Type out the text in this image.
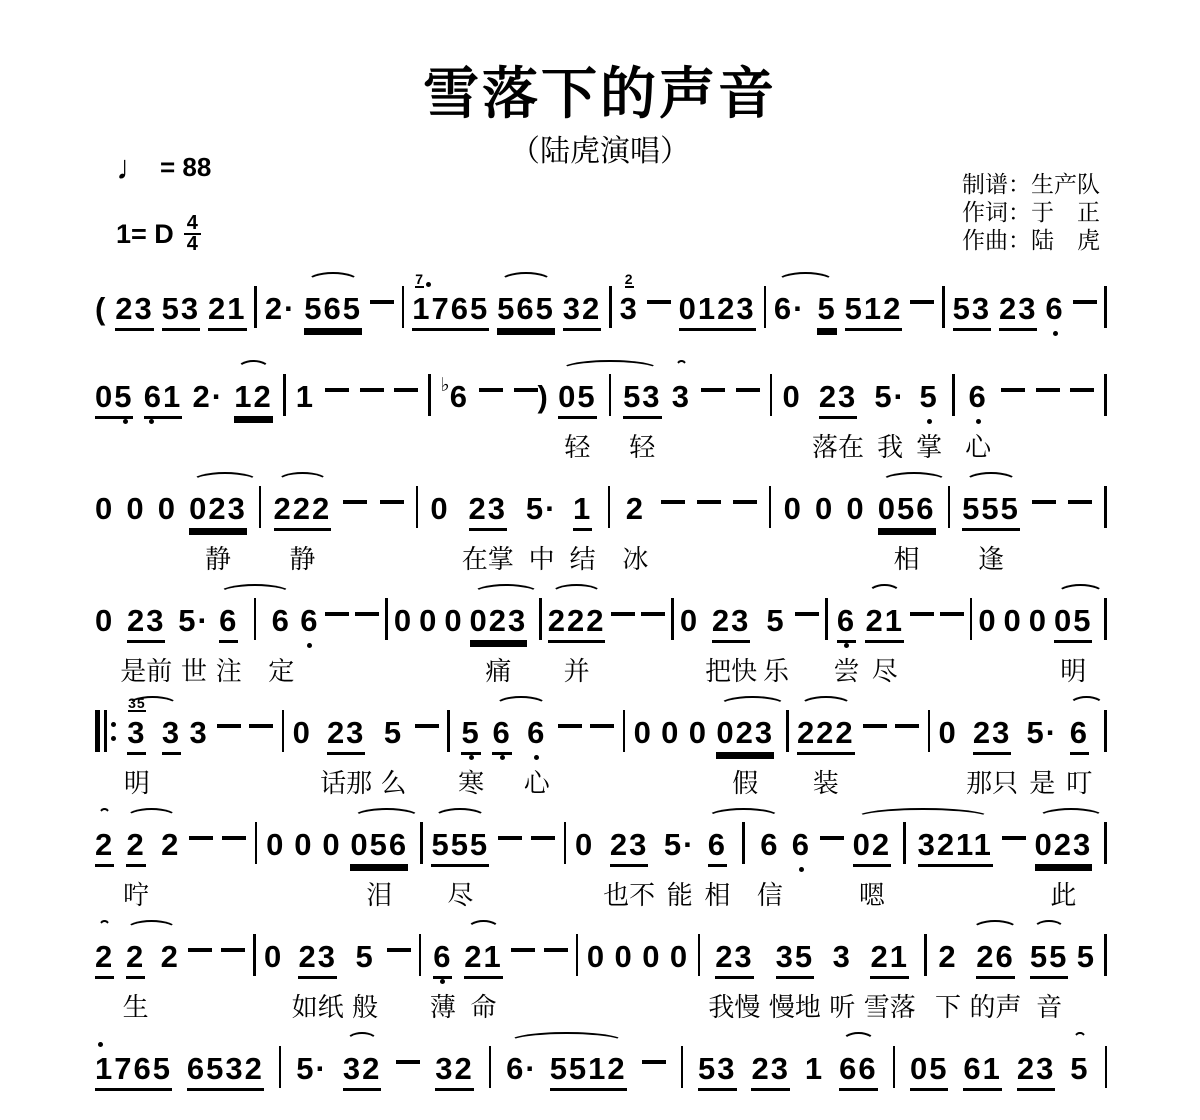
雪落下的声音
（陆虎演唱）
♩ = 88
1= D $\frac{4}{4}$
制谱：生产队
作词：于　正
作曲：陆　虎
( 23 53 21 2· 565
7
1765 565 32
2
3 0123 6· 5 512 53 23 6
05 61 2· 12 1	♭ 6 ) 05
轻
53
轻
3	0 23
落在
5·
我
5
掌
6
心
0 0 0 023
静
222
静
0 23
在掌
5·
中
1
结
2
冰
0 0 0 056
相
555
逢
0 23
是前
5·
世
6
注
6
定
6 0 0 0 023
痛
222
并
0 23
把快
5
乐
6
尝
21
尽
0 0 0 05
明
35
3
明
3 3	0 23
话那
5
么
5
寒
6 6
心
0 0 0 023
假
222
装
0 23
那只
5·
是
6
叮
2 2
咛
2	0 0 0 056
泪
555
尽
0 23
也不
5·
能
6
相
6
信
6 02
嗯
3211 023
此
2 2
生
2	0 23
如纸
5
般
6
薄
21
命
0 0 0 0 23
我慢
35
慢地
3
听
21
雪落
2
下
26
的声
55
音
5
1765 6532 5· 32 32 6· 5512 53 23 1 66 05 61 23 5
